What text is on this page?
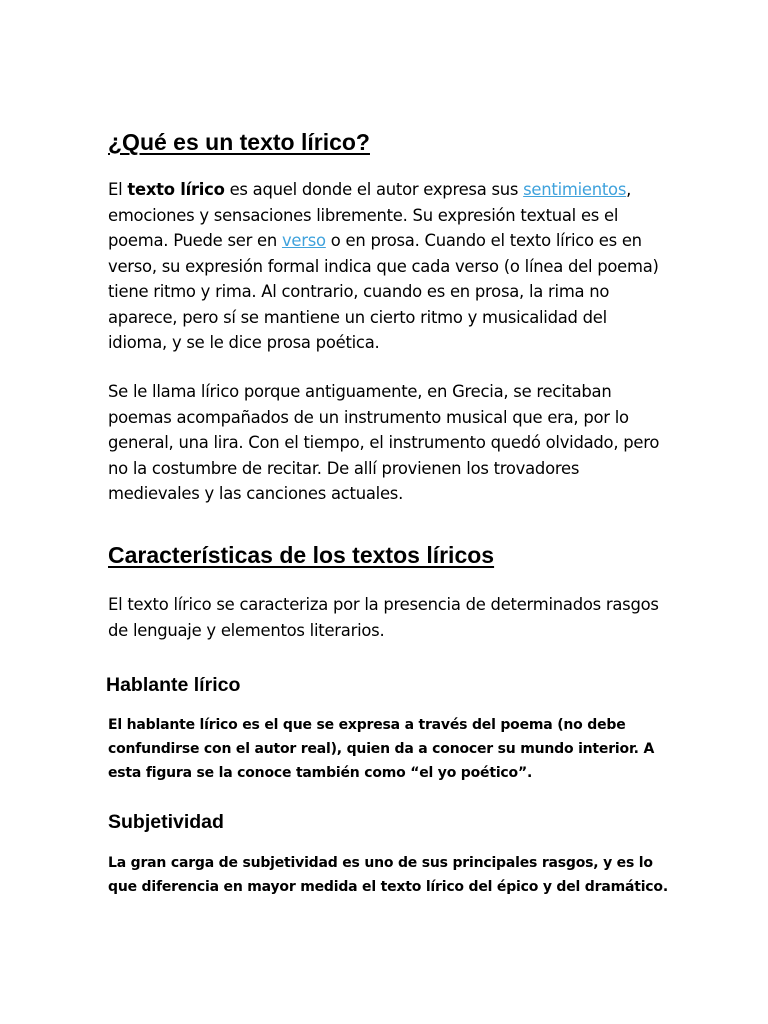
¿Qué es un texto lírico?

El texto lírico es aquel donde el autor expresa sus sentimientos, emociones y sensaciones libremente. Su expresión textual es el poema. Puede ser en verso o en prosa. Cuando el texto lírico es en verso, su expresión formal indica que cada verso (o línea del poema) tiene ritmo y rima. Al contrario, cuando es en prosa, la rima no aparece, pero sí se mantiene un cierto ritmo y musicalidad del idioma, y se le dice prosa poética.

Se le llama lírico porque antiguamente, en Grecia, se recitaban poemas acompañados de un instrumento musical que era, por lo general, una lira. Con el tiempo, el instrumento quedó olvidado, pero no la costumbre de recitar. De allí provienen los trovadores medievales y las canciones actuales.

Características de los textos líricos

El texto lírico se caracteriza por la presencia de determinados rasgos de lenguaje y elementos literarios.

Hablante lírico

El hablante lírico es el que se expresa a través del poema (no debe confundirse con el autor real), quien da a conocer su mundo interior. A esta figura se la conoce también como “el yo poético”.

Subjetividad

La gran carga de subjetividad es uno de sus principales rasgos, y es lo que diferencia en mayor medida el texto lírico del épico y del dramático.
